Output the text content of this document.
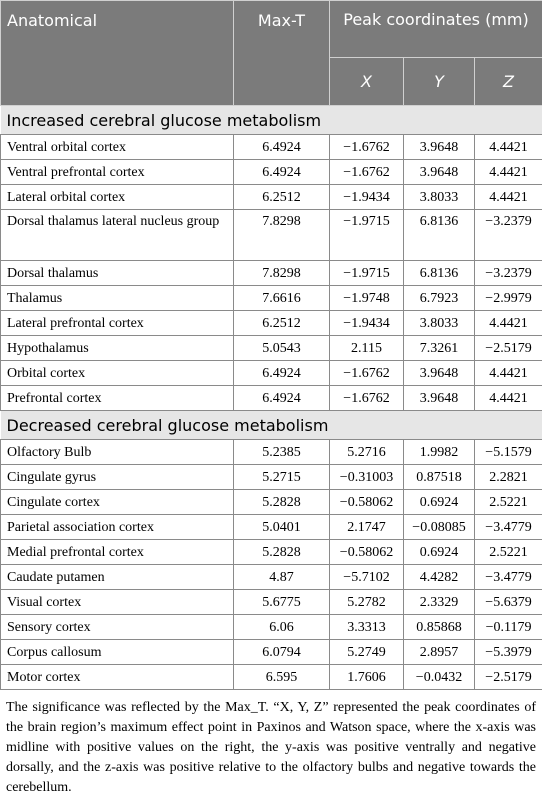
Anatomical	Max-T	Peak coordinates (mm)		
		X	Y	Z
Increased cerebral glucose metabolism				
Ventral orbital cortex	6.4924	−1.6762	3.9648	4.4421
Ventral prefrontal cortex	6.4924	−1.6762	3.9648	4.4421
Lateral orbital cortex	6.2512	−1.9434	3.8033	4.4421
Dorsal thalamus lateral nucleus group	7.8298	−1.9715	6.8136	−3.2379
Dorsal thalamus	7.8298	−1.9715	6.8136	−3.2379
Thalamus	7.6616	−1.9748	6.7923	−2.9979
Lateral prefrontal cortex	6.2512	−1.9434	3.8033	4.4421
Hypothalamus	5.0543	2.115	7.3261	−2.5179
Orbital cortex	6.4924	−1.6762	3.9648	4.4421
Prefrontal cortex	6.4924	−1.6762	3.9648	4.4421
Decreased cerebral glucose metabolism				
Olfactory Bulb	5.2385	5.2716	1.9982	−5.1579
Cingulate gyrus	5.2715	−0.31003	0.87518	2.2821
Cingulate cortex	5.2828	−0.58062	0.6924	2.5221
Parietal association cortex	5.0401	2.1747	−0.08085	−3.4779
Medial prefrontal cortex	5.2828	−0.58062	0.6924	2.5221
Caudate putamen	4.87	−5.7102	4.4282	−3.4779
Visual cortex	5.6775	5.2782	2.3329	−5.6379
Sensory cortex	6.06	3.3313	0.85868	−0.1179
Corpus callosum	6.0794	5.2749	2.8957	−5.3979
Motor cortex	6.595	1.7606	−0.0432	−2.5179

The significance was reflected by the Max_T. “X, Y, Z” represented the peak coordinates of the brain region’s maximum effect point in Paxinos and Watson space, where the x-axis was midline with positive values on the right, the y-axis was positive ventrally and negative dorsally, and the z-axis was positive relative to the olfactory bulbs and negative towards the cerebellum.
